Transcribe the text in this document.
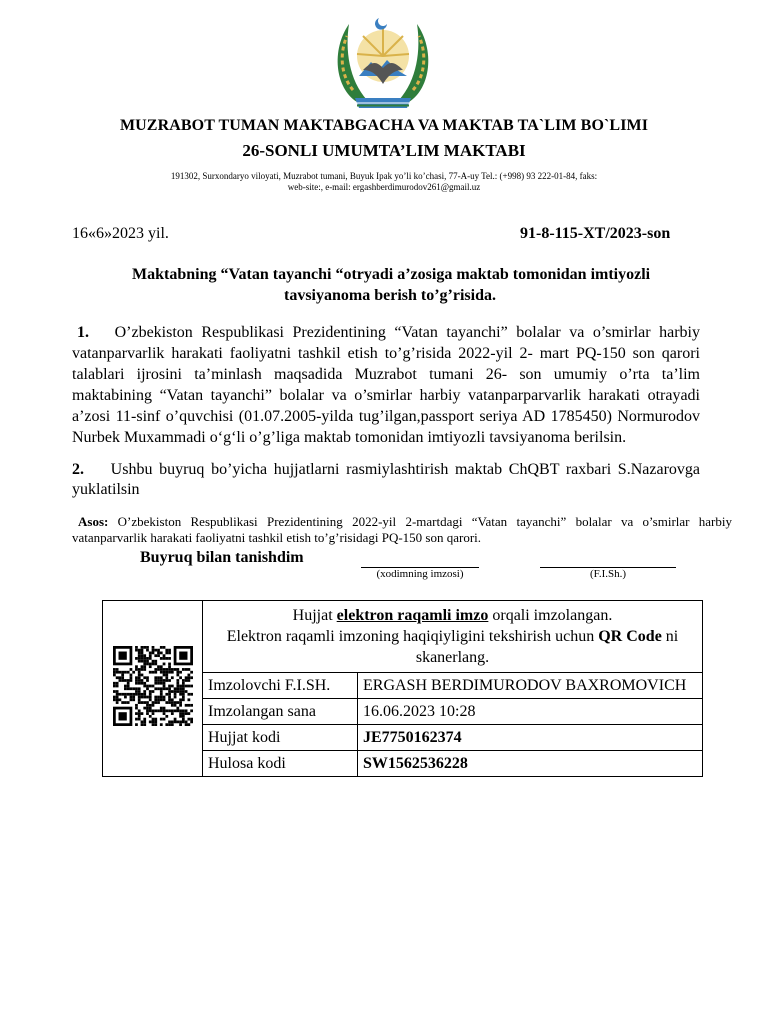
MUZRABOT TUMAN MAKTABGACHA VA MAKTAB TA`LIM BO`LIMI
26-SONLI UMUMTA’LIM MAKTABI
191302, Surxondaryo viloyati, Muzrabot tumani, Buyuk Ipak yo’li ko’chasi, 77-A-uy Tel.: (+998) 93 222-01-84, faks:
web-site:, e-mail: ergashberdimurodov261@gmail.uz
16«6»2023 yil.	91-8-115-XT/2023-son
Maktabning “Vatan tayanchi “otryadi a’zosiga maktab tomonidan imtiyozli
tavsiyanoma berish to’g’risida.
1. O’zbekiston Respublikasi Prezidentining “Vatan tayanchi” bolalar va o’smirlar harbiy vatanparvarlik harakati faoliyatni tashkil etish to’g’risida 2022-yil 2- mart PQ-150 son qarori talablari ijrosini ta’minlash maqsadida Muzrabot tumani 26- son umumiy o’rta ta’lim maktabining “Vatan tayanchi” bolalar va o’smirlar harbiy vatanparparvarlik harakati otrayadi a’zosi 11-sinf o’quvchisi (01.07.2005-yilda tug’ilgan,passport seriya AD 1785450) Normurodov Nurbek Muxammadi o‘g‘li o’g’liga maktab tomonidan imtiyozli tavsiyanoma berilsin.
2. Ushbu buyruq bo’yicha hujjatlarni rasmiylashtirish maktab ChQBT raxbari S.Nazarovga yuklatilsin
Asos: O’zbekiston Respublikasi Prezidentining 2022-yil 2-martdagi “Vatan tayanchi” bolalar va o’smirlar harbiy vatanparvarlik harakati faoliyatni tashkil etish to’g’risidagi PQ-150 son qarori.
Buyruq bilan tanishdim
(xodimning imzosi)	(F.I.Sh.)
	Hujjat elektron raqamli imzo orqali imzolangan.
Elektron raqamli imzoning haqiqiyligini tekshirish uchun QR Code ni skanerlang.	
	Imzolovchi F.I.SH.	ERGASH BERDIMURODOV BAXROMOVICH
	Imzolangan sana	16.06.2023 10:28
	Hujjat kodi	JE7750162374
	Hulosa kodi	SW1562536228
